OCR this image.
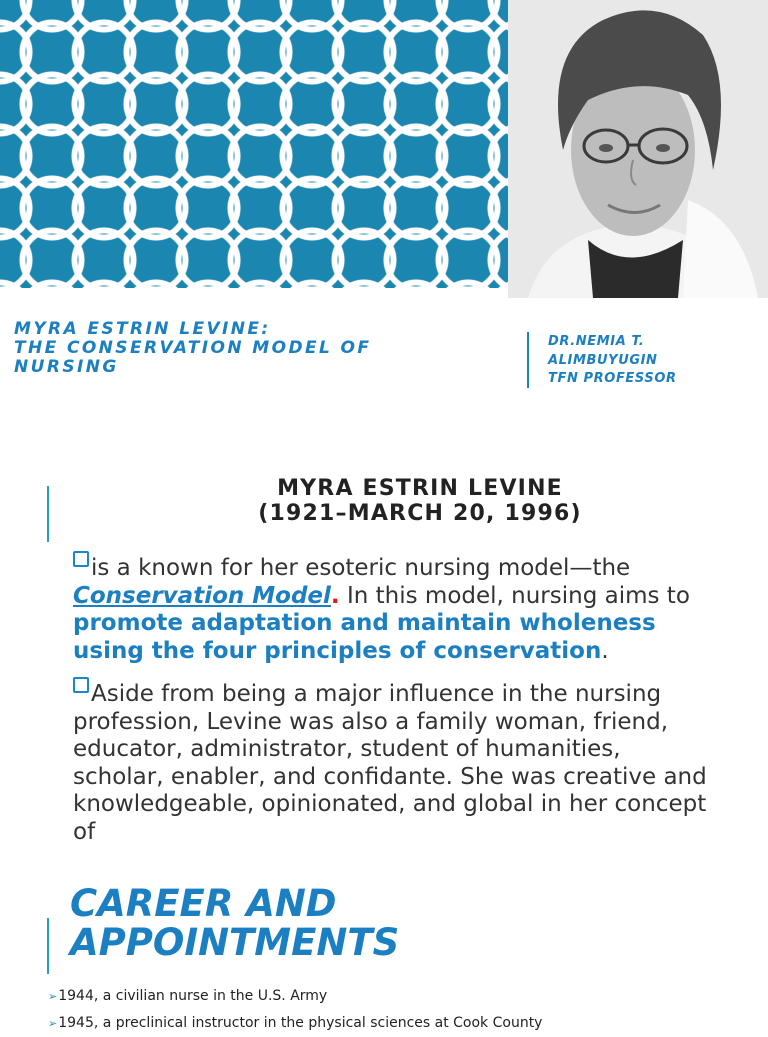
MYRA ESTRIN LEVINE:
THE CONSERVATION MODEL OF
NURSING
DR.NEMIA T.
ALIMBUYUGIN
TFN PROFESSOR
MYRA ESTRIN LEVINE
(1921–MARCH 20, 1996)

is a known for her esoteric nursing model—the Conservation Model. In this model, nursing aims to promote adaptation and maintain wholeness using the four principles of conservation.

Aside from being a major influence in the nursing profession, Levine was also a family woman, friend, educator, administrator, student of humanities, scholar, enabler, and confidante. She was creative and knowledgeable, opinionated, and global in her concept of

CAREER AND
APPOINTMENTS
➢1944, a civilian nurse in the U.S. Army
➢1945, a preclinical instructor in the physical sciences at Cook County
